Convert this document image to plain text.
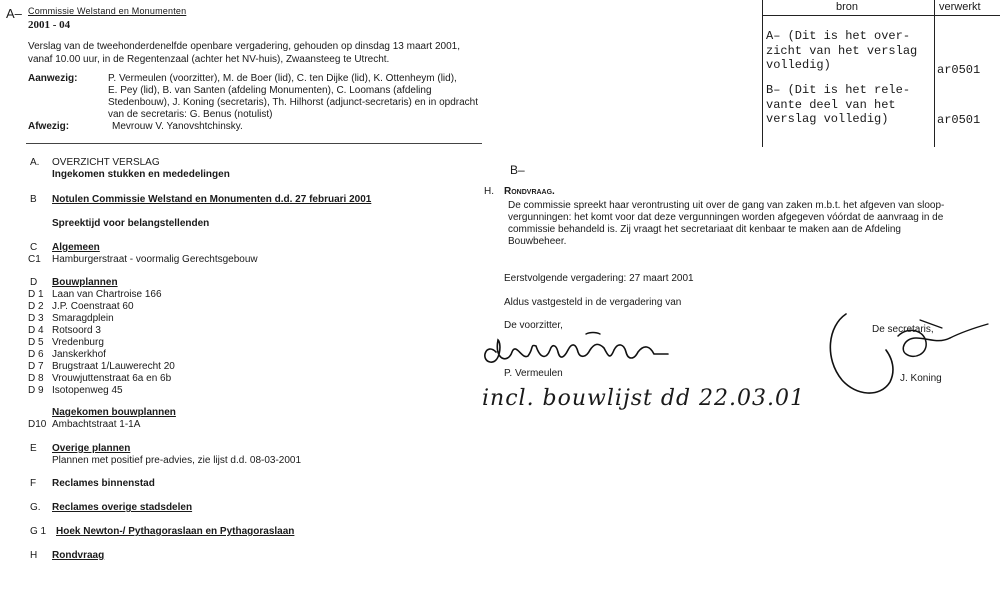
A– Commissie Welstand en Monumenten
2001 - 04
Verslag van de tweehonderdenelfde openbare vergadering, gehouden op dinsdag 13 maart 2001,
vanaf 10.00 uur, in de Regentenzaal (achter het NV-huis), Zwaansteeg te Utrecht.
Aanwezig:	P. Vermeulen (voorzitter), M. de Boer (lid), C. ten Dijke (lid), K. Ottenheym (lid),
E. Pey (lid), B. van Santen (afdeling Monumenten), C. Loomans (afdeling
Stedenbouw), J. Koning (secretaris), Th. Hilhorst (adjunct-secretaris) en in opdracht
van de secretaris: G. Benus (notulist)
Afwezig:	Mevrouw V. Yanovshtchinsky.
A. OVERZICHT VERSLAG
Ingekomen stukken en mededelingen
B Notulen Commissie Welstand en Monumenten d.d. 27 februari 2001
Spreektijd voor belangstellenden
C Algemeen
C1 Hamburgerstraat - voormalig Gerechtsgebouw
D Bouwplannen
D 1 Laan van Chartroise 166
D 2 J.P. Coenstraat 60
D 3 Smaragdplein
D 4 Rotsoord 3
D 5 Vredenburg
D 6 Janskerkhof
D 7 Brugstraat 1/Lauwerecht 20
D 8 Vrouwjuttenstraat 6a en 6b
D 9 Isotopenweg 45
Nagekomen bouwplannen
D10 Ambachtstraat 1-1A
E Overige plannen
Plannen met positief pre-advies, zie lijst d.d. 08-03-2001
F Reclames binnenstad
G. Reclames overige stadsdelen
G 1 Hoek Newton-/ Pythagoraslaan en Pythagoraslaan
H Rondvraag
bron	verwerkt
A– (Dit is het over-
zicht van het verslag
volledig)	ar0501
B– (Dit is het rele-
vante deel van het
verslag volledig)	ar0501
B–
H. Rondvraag.
De commissie spreekt haar verontrusting uit over de gang van zaken m.b.t. het afgeven van sloop-
vergunningen: het komt voor dat deze vergunningen worden afgegeven vóórdat de aanvraag in de
commissie behandeld is. Zij vraagt het secretariaat dit kenbaar te maken aan de Afdeling
Bouwbeheer.
Eerstvolgende vergadering: 27 maart 2001
Aldus vastgesteld in de vergadering van
De voorzitter,
P. Vermeulen
incl. bouwlijst dd 22.03.01
De secretaris,
J. Koning
